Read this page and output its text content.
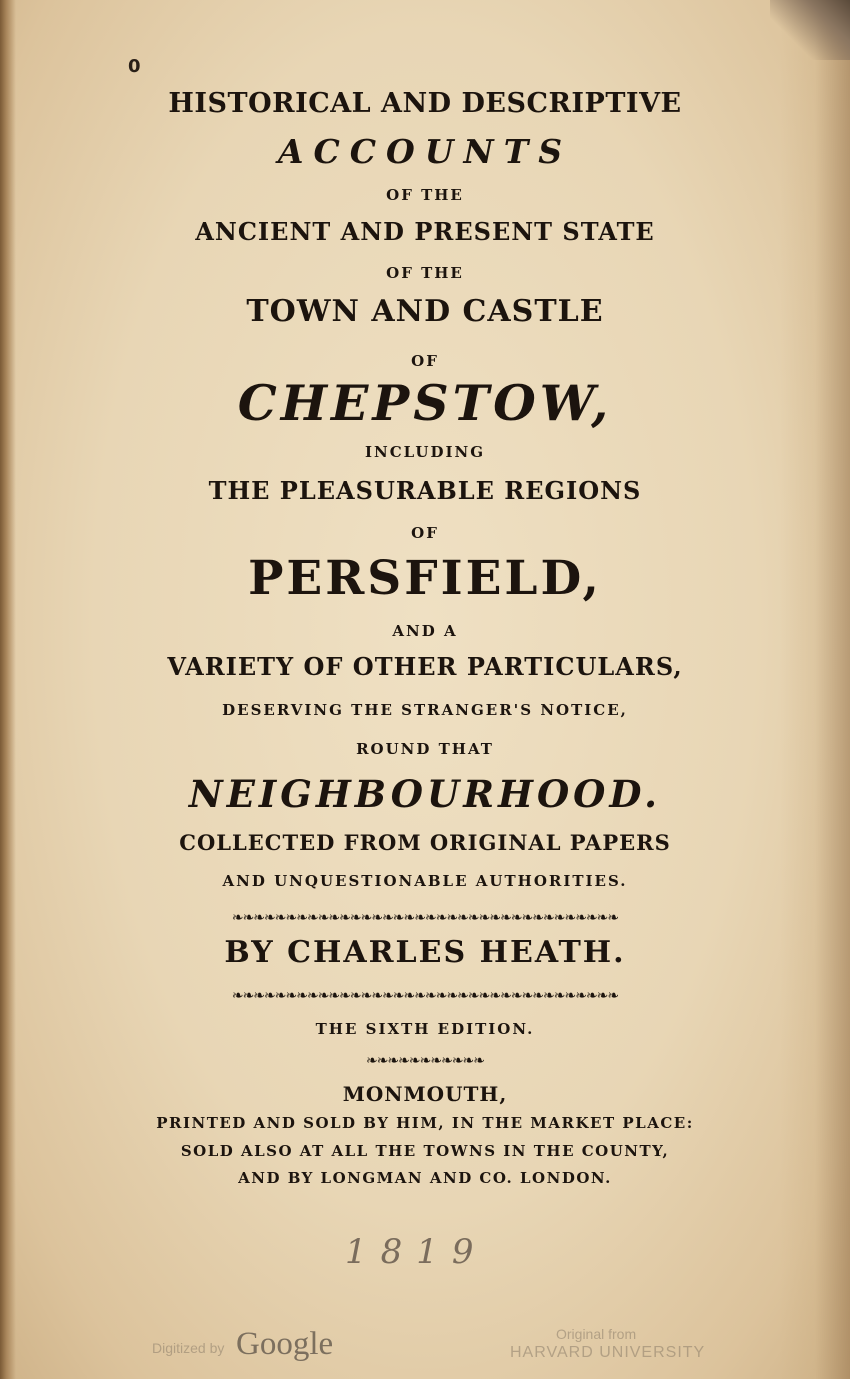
0
HISTORICAL AND DESCRIPTIVE
ACCOUNTS
OF THE
ANCIENT AND PRESENT STATE
OF THE
TOWN AND CASTLE
OF
CHEPSTOW,
INCLUDING
THE PLEASURABLE REGIONS
OF
PERSFIELD,
AND A
VARIETY OF OTHER PARTICULARS,
DESERVING THE STRANGER'S NOTICE,
ROUND THAT
NEIGHBOURHOOD.
COLLECTED FROM ORIGINAL PAPERS
AND UNQUESTIONABLE AUTHORITIES.
❧❧❧❧❧❧❧❧❧❧❧❧❧❧❧❧❧❧❧❧❧❧❧❧❧❧❧❧❧❧❧❧❧❧❧❧
BY CHARLES HEATH.
❧❧❧❧❧❧❧❧❧❧❧❧❧❧❧❧❧❧❧❧❧❧❧❧❧❧❧❧❧❧❧❧❧❧❧❧
THE SIXTH EDITION.
❧❧❧❧❧❧❧❧❧❧❧
MONMOUTH,
PRINTED AND SOLD BY HIM, IN THE MARKET PLACE:
SOLD ALSO AT ALL THE TOWNS IN THE COUNTY,
AND BY LONGMAN AND CO. LONDON.
1819
Digitized by Google	Original from
HARVARD UNIVERSITY
